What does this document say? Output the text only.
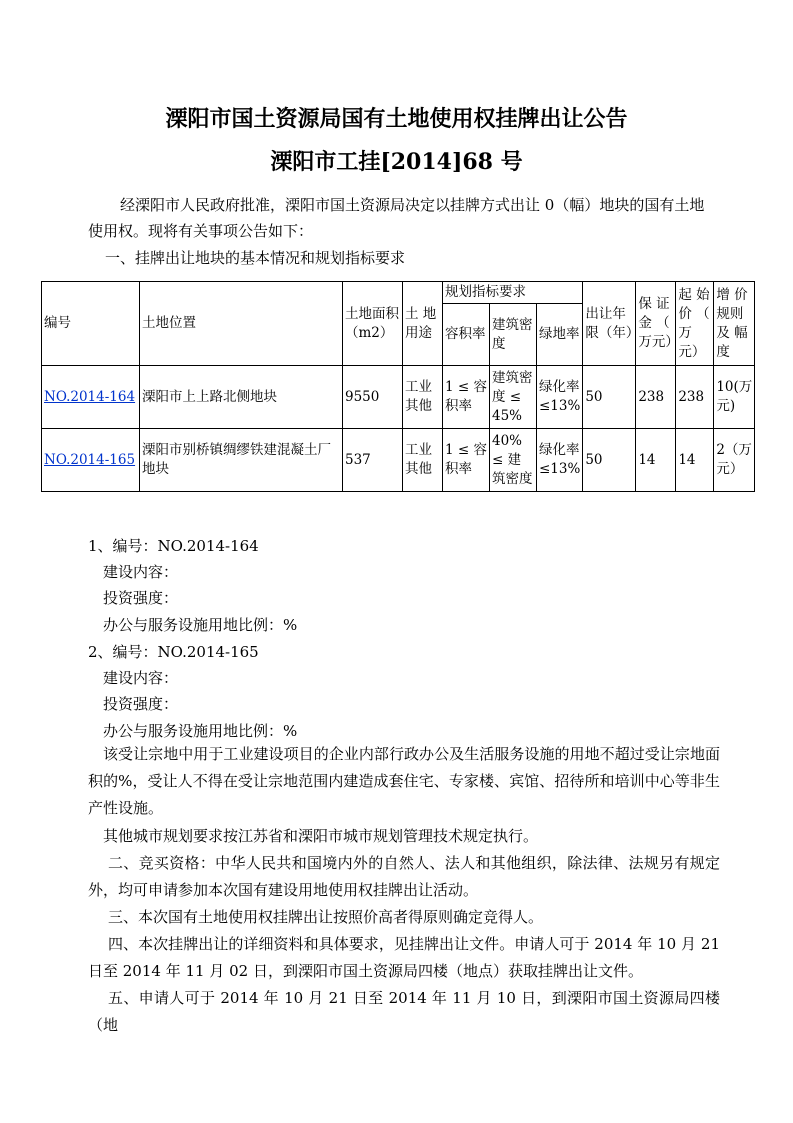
溧阳市国土资源局国有土地使用权挂牌出让公告
溧阳市工挂[2014]68 号
经溧阳市人民政府批准，溧阳市国土资源局决定以挂牌方式出让 0（幅）地块的国有土地
使用权。现将有关事项公告如下：
一、挂牌出让地块的基本情况和规划指标要求
编号	土地位置	土地面积（m2）	土 地用途	规划指标要求			出让年限（年）	保 证金 （ 万元）	起 始价 （ 万元）	增 价规则及 幅度
				容积率	建筑密度	绿地率				
NO.2014-164	溧阳市上上路北侧地块	9550	工业其他	1 ≤ 容积率	建筑密度 ≤ 45%	绿化率≤13%	50	238	238	10(万元)
NO.2014-165	溧阳市别桥镇绸缪铁建混凝土厂地块	537	工业其他	1 ≤ 容积率	40% ≤ 建筑密度	绿化率≤13%	50	14	14	2（万元）
1、编号：NO.2014-164
建设内容：
投资强度：
办公与服务设施用地比例：%
2、编号：NO.2014-165
建设内容：
投资强度：
办公与服务设施用地比例：%
该受让宗地中用于工业建设项目的企业内部行政办公及生活服务设施的用地不超过受让宗地面积的%，受让人不得在受让宗地范围内建造成套住宅、专家楼、宾馆、招待所和培训中心等非生产性设施。
其他城市规划要求按江苏省和溧阳市城市规划管理技术规定执行。
二、竞买资格：中华人民共和国境内外的自然人、法人和其他组织，除法律、法规另有规定外，均可申请参加本次国有建设用地使用权挂牌出让活动。
三、本次国有土地使用权挂牌出让按照价高者得原则确定竞得人。
四、本次挂牌出让的详细资料和具体要求，见挂牌出让文件。申请人可于 2014 年 10 月 21 日至 2014 年 11 月 02 日，到溧阳市国土资源局四楼（地点）获取挂牌出让文件。
五、申请人可于 2014 年 10 月 21 日至 2014 年 11 月 10 日，到溧阳市国土资源局四楼（地
